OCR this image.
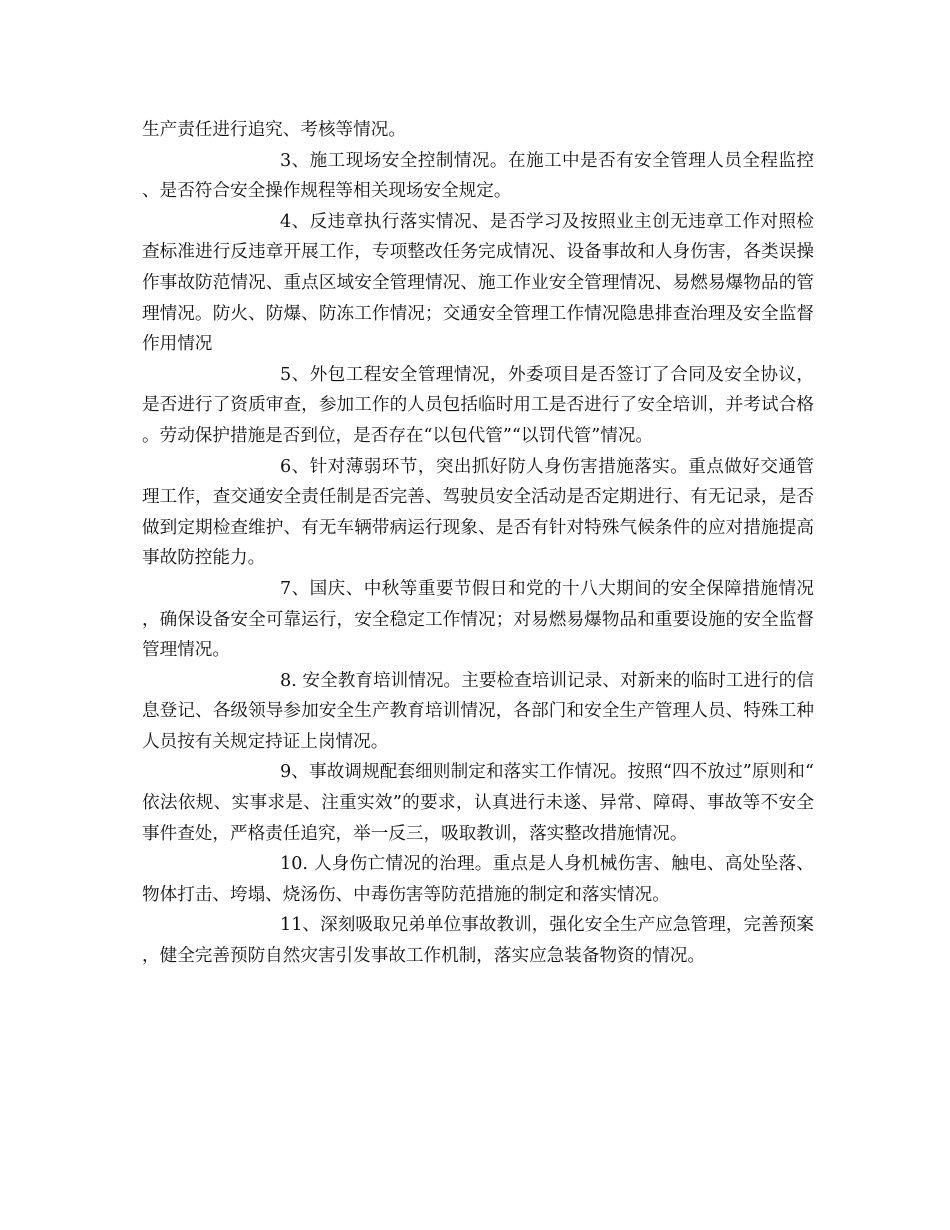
生产责任进行追究、考核等情况。

3、施工现场安全控制情况。在施工中是否有安全管理人员全程监控、是否符合安全操作规程等相关现场安全规定。

4、反违章执行落实情况、是否学习及按照业主创无违章工作对照检查标准进行反违章开展工作，专项整改任务完成情况、设备事故和人身伤害，各类误操作事故防范情况、重点区域安全管理情况、施工作业安全管理情况、易燃易爆物品的管理情况。防火、防爆、防冻工作情况；交通安全管理工作情况隐患排查治理及安全监督作用情况

5、外包工程安全管理情况，外委项目是否签订了合同及安全协议，是否进行了资质审查，参加工作的人员包括临时用工是否进行了安全培训，并考试合格。劳动保护措施是否到位，是否存在“以包代管”“以罚代管”情况。

6、针对薄弱环节，突出抓好防人身伤害措施落实。重点做好交通管理工作，查交通安全责任制是否完善、驾驶员安全活动是否定期进行、有无记录，是否做到定期检查维护、有无车辆带病运行现象、是否有针对特殊气候条件的应对措施提高事故防控能力。

7、国庆、中秋等重要节假日和党的十八大期间的安全保障措施情况，确保设备安全可靠运行，安全稳定工作情况；对易燃易爆物品和重要设施的安全监督管理情况。

8. 安全教育培训情况。主要检查培训记录、对新来的临时工进行的信息登记、各级领导参加安全生产教育培训情况，各部门和安全生产管理人员、特殊工种人员按有关规定持证上岗情况。

9、事故调规配套细则制定和落实工作情况。按照“四不放过”原则和“依法依规、实事求是、注重实效”的要求，认真进行未遂、异常、障碍、事故等不安全事件查处，严格责任追究，举一反三，吸取教训，落实整改措施情况。

10. 人身伤亡情况的治理。重点是人身机械伤害、触电、高处坠落、物体打击、垮塌、烧汤伤、中毒伤害等防范措施的制定和落实情况。

11、深刻吸取兄弟单位事故教训，强化安全生产应急管理，完善预案，健全完善预防自然灾害引发事故工作机制，落实应急装备物资的情况。
